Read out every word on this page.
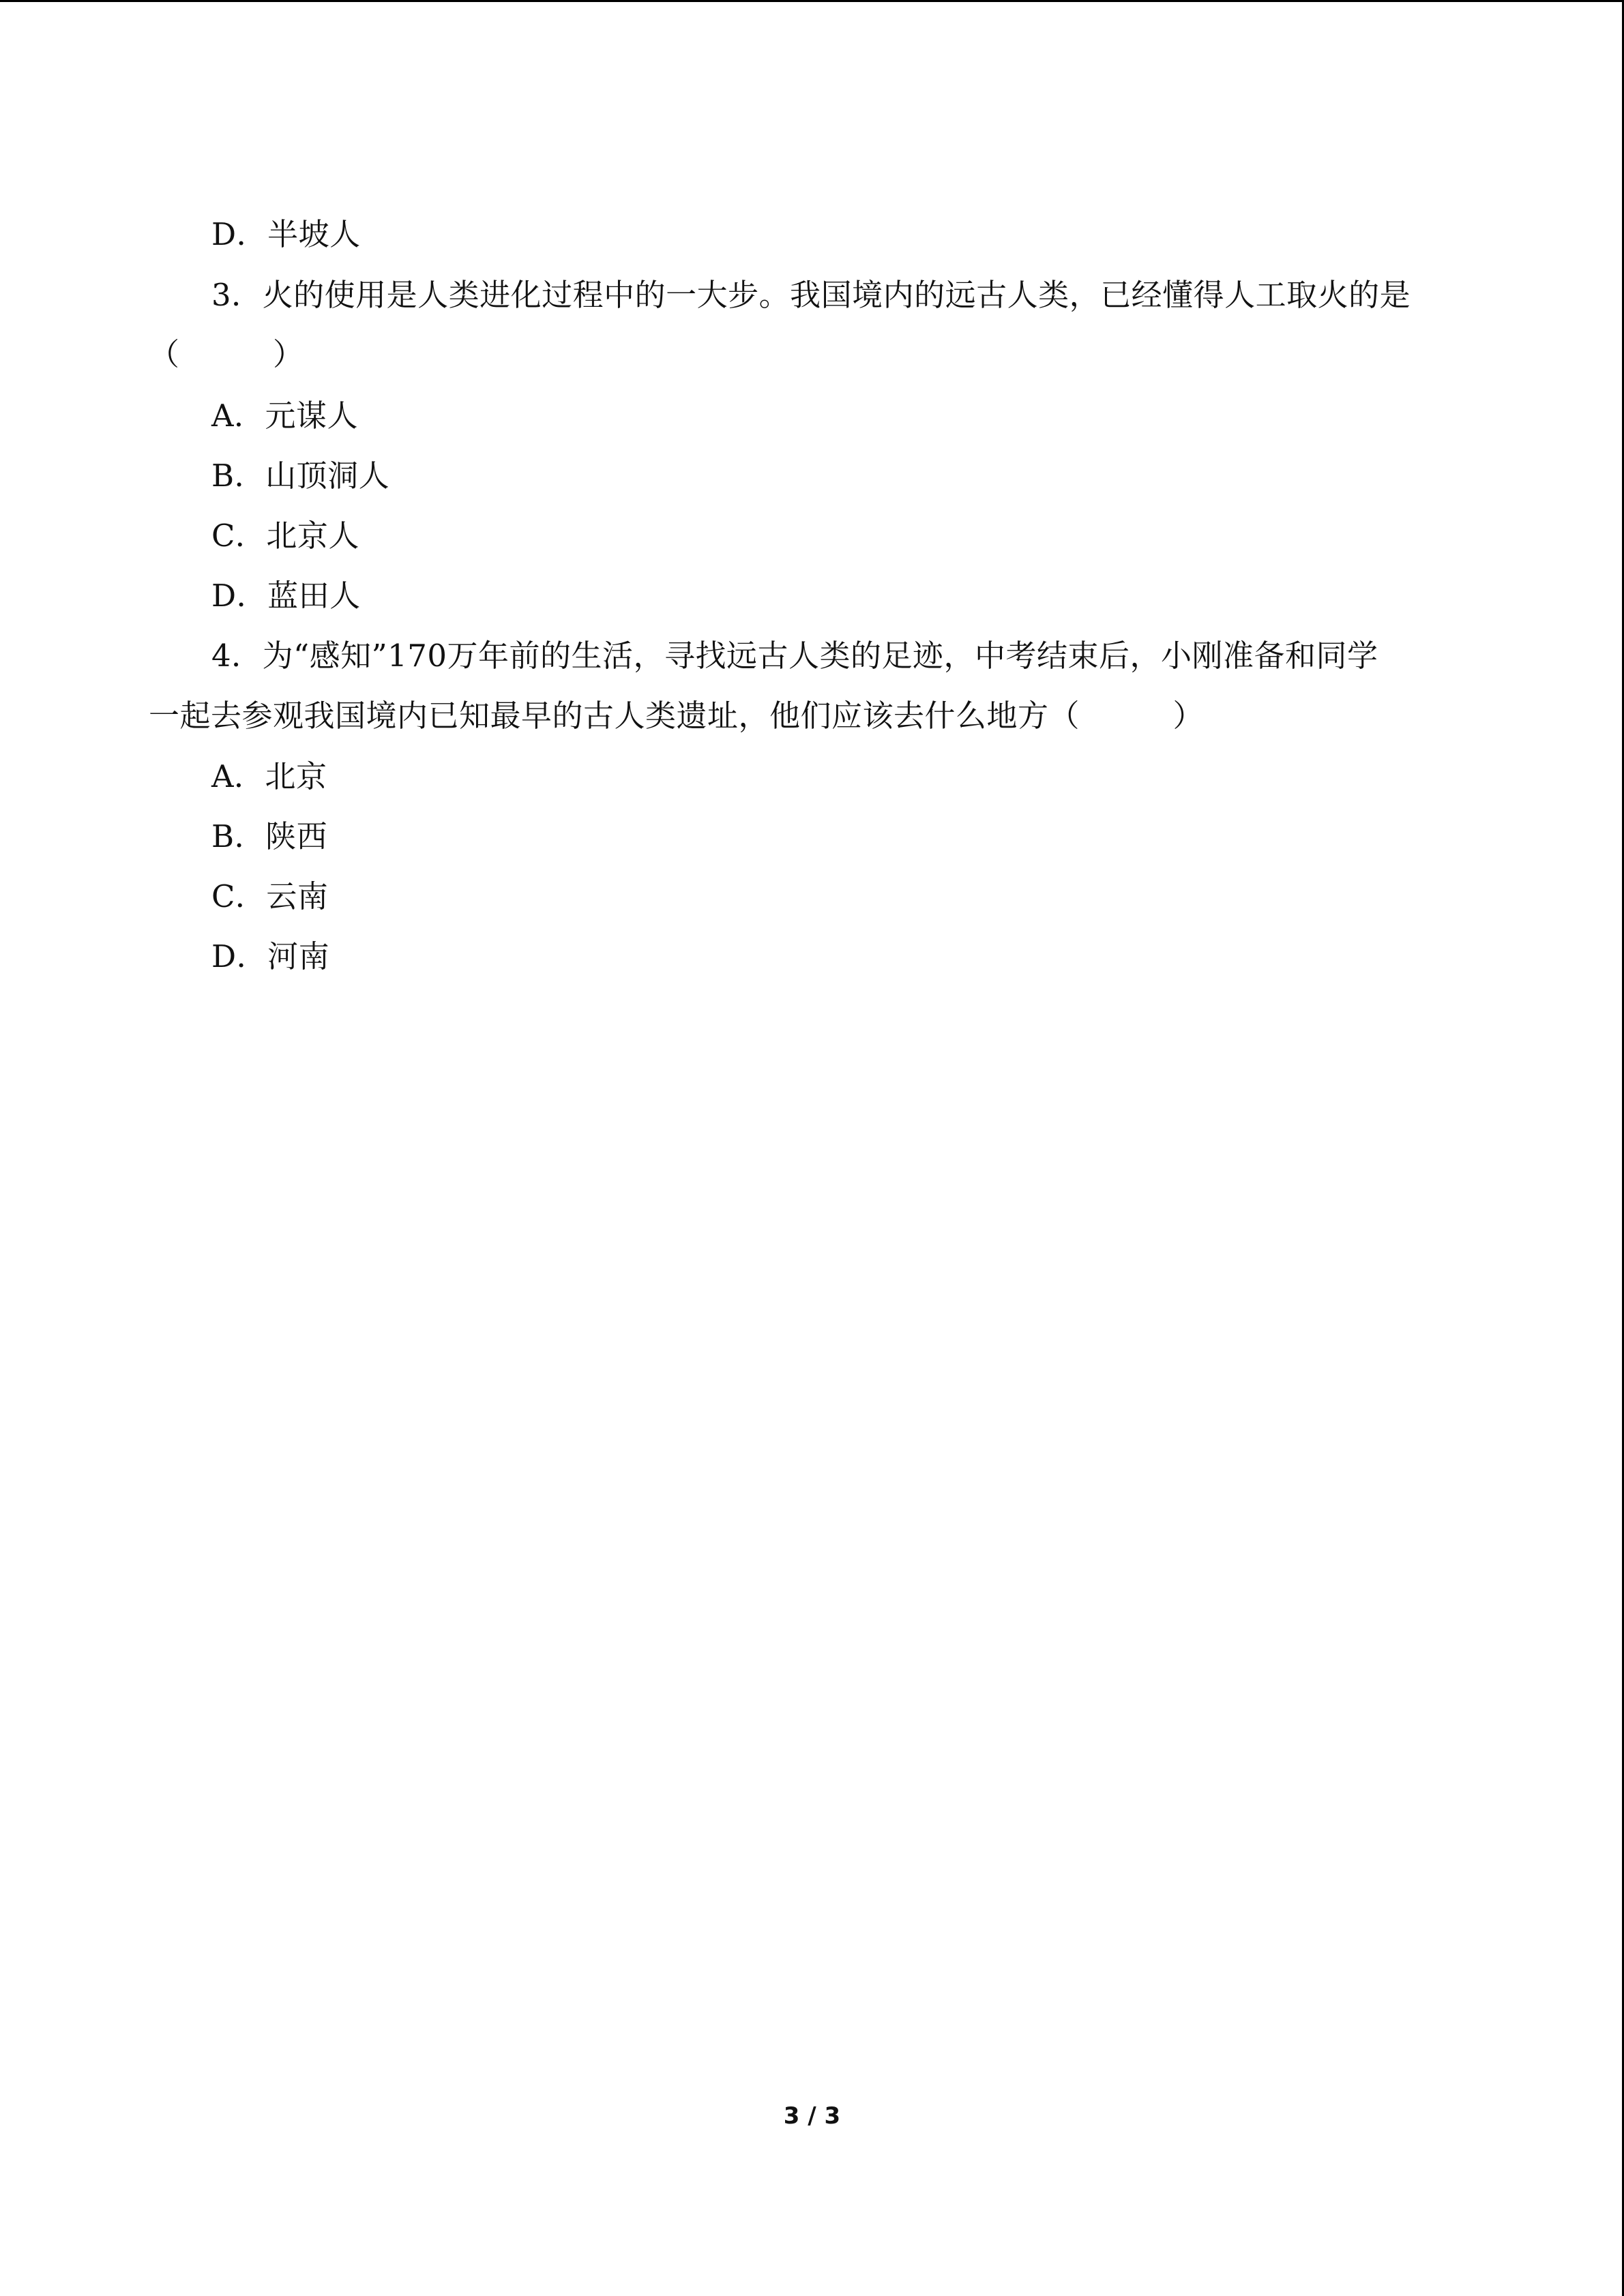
D．半坡人
3．火的使用是人类进化过程中的一大步。我国境内的远古人类，已经懂得人工取火的是
（　　　）
A．元谋人
B．山顶洞人
C．北京人
D．蓝田人
4．为“感知”170万年前的生活，寻找远古人类的足迹，中考结束后，小刚准备和同学
一起去参观我国境内已知最早的古人类遗址，他们应该去什么地方（　　　）
A．北京
B．陕西
C．云南
D．河南
3 / 3
